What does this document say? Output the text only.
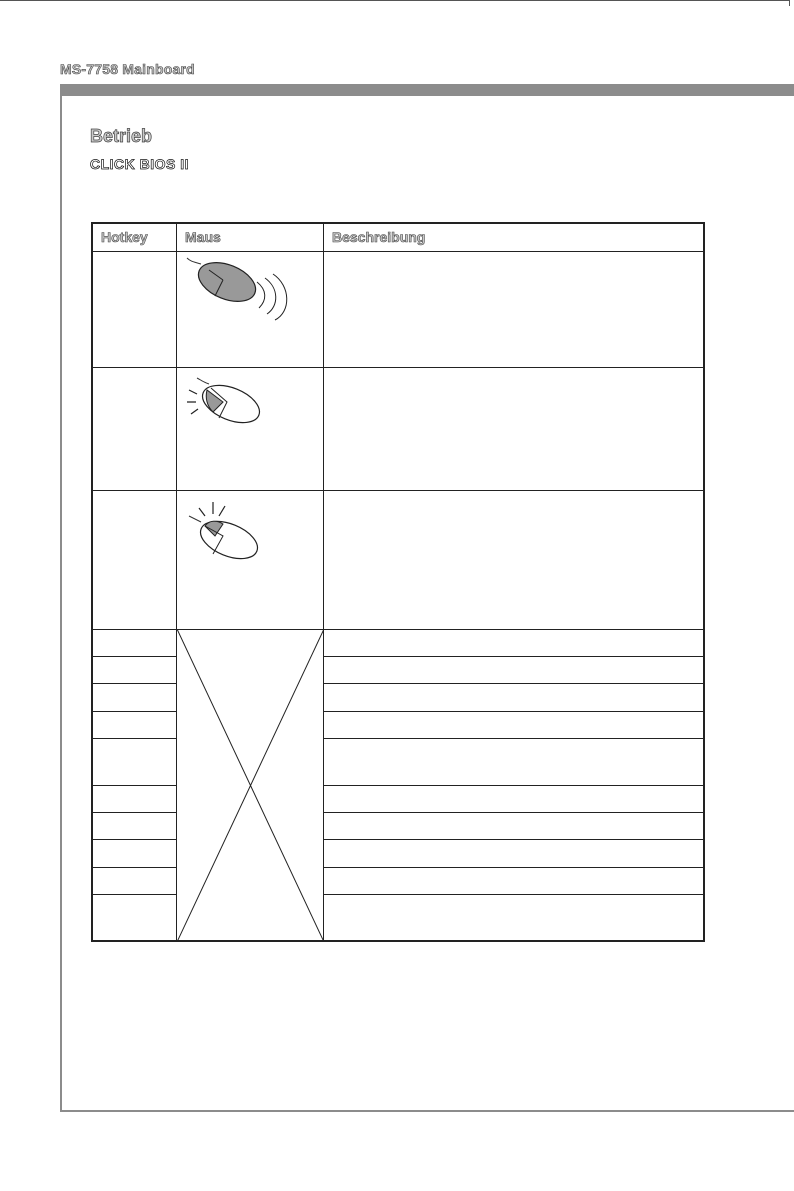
MS-7758 Mainboard
Betrieb
CLICK BIOS II
Hotkey	Maus	Beschreibung
